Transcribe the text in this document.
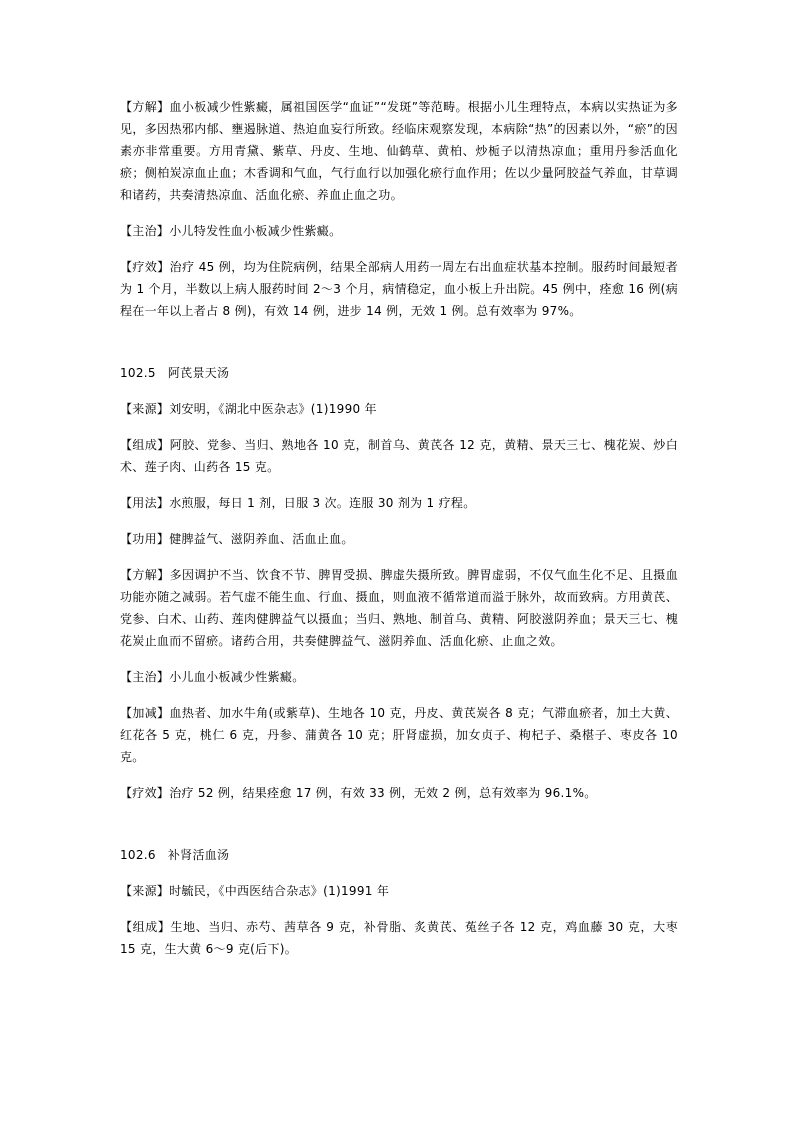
【方解】血小板减少性紫癜，属祖国医学“血证”“发斑”等范畴。根据小儿生理特点，本病以实热证为多见，多因热邪内郁、壅遏脉道、热迫血妄行所致。经临床观察发现，本病除“热”的因素以外，“瘀”的因素亦非常重要。方用青黛、紫草、丹皮、生地、仙鹤草、黄柏、炒栀子以清热凉血；重用丹参活血化瘀；侧柏炭凉血止血；木香调和气血，气行血行以加强化瘀行血作用；佐以少量阿胶益气养血，甘草调和诸药，共奏清热凉血、活血化瘀、养血止血之功。

【主治】小儿特发性血小板减少性紫癜。

【疗效】治疗 45 例，均为住院病例，结果全部病人用药一周左右出血症状基本控制。服药时间最短者为 1 个月，半数以上病人服药时间 2～3 个月，病情稳定，血小板上升出院。45 例中，痊愈 16 例(病程在一年以上者占 8 例)，有效 14 例，进步 14 例，无效 1 例。总有效率为 97%。

102.5 阿芪景天汤

【来源】刘安明，《湖北中医杂志》(1)1990 年

【组成】阿胶、党参、当归、熟地各 10 克，制首乌、黄芪各 12 克，黄精、景天三七、槐花炭、炒白术、莲子肉、山药各 15 克。

【用法】水煎服，每日 1 剂，日服 3 次。连服 30 剂为 1 疗程。

【功用】健脾益气、滋阴养血、活血止血。

【方解】多因调护不当、饮食不节、脾胃受损、脾虚失摄所致。脾胃虚弱，不仅气血生化不足、且摄血功能亦随之减弱。若气虚不能生血、行血、摄血，则血液不循常道而溢于脉外，故而致病。方用黄芪、党参、白术、山药、莲肉健脾益气以摄血；当归、熟地、制首乌、黄精、阿胶滋阴养血；景天三七、槐花炭止血而不留瘀。诸药合用，共奏健脾益气、滋阴养血、活血化瘀、止血之效。

【主治】小儿血小板减少性紫癜。

【加减】血热者、加水牛角(或紫草)、生地各 10 克，丹皮、黄芪炭各 8 克；气滞血瘀者，加土大黄、红花各 5 克，桃仁 6 克，丹参、蒲黄各 10 克；肝肾虚损，加女贞子、枸杞子、桑椹子、枣皮各 10 克。

【疗效】治疗 52 例，结果痊愈 17 例，有效 33 例，无效 2 例，总有效率为 96.1%。

102.6 补肾活血汤

【来源】时毓民，《中西医结合杂志》(1)1991 年

【组成】生地、当归、赤芍、茜草各 9 克，补骨脂、炙黄芪、菟丝子各 12 克，鸡血藤 30 克，大枣 15 克，生大黄 6～9 克(后下)。
